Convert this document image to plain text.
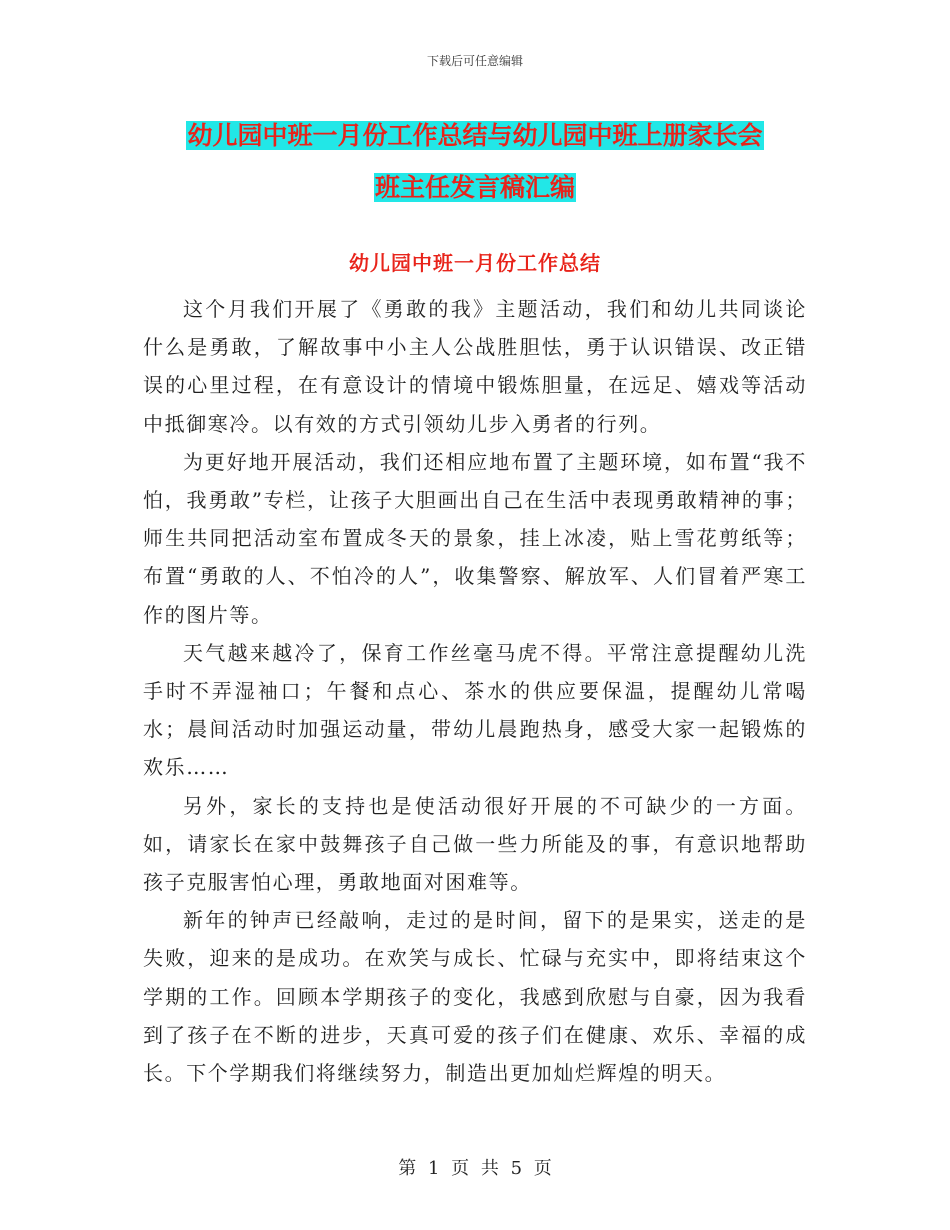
下载后可任意编辑
幼儿园中班一月份工作总结与幼儿园中班上册家长会
班主任发言稿汇编
幼儿园中班一月份工作总结

这个月我们开展了《勇敢的我》主题活动，我们和幼儿共同谈论什么是勇敢，了解故事中小主人公战胜胆怯，勇于认识错误、改正错误的心里过程，在有意设计的情境中锻炼胆量，在远足、嬉戏等活动中抵御寒冷。以有效的方式引领幼儿步入勇者的行列。

为更好地开展活动，我们还相应地布置了主题环境，如布置“我不怕，我勇敢”专栏，让孩子大胆画出自己在生活中表现勇敢精神的事；师生共同把活动室布置成冬天的景象，挂上冰凌，贴上雪花剪纸等；布置“勇敢的人、不怕冷的人”，收集警察、解放军、人们冒着严寒工作的图片等。

天气越来越冷了，保育工作丝毫马虎不得。平常注意提醒幼儿洗手时不弄湿袖口；午餐和点心、茶水的供应要保温，提醒幼儿常喝水；晨间活动时加强运动量，带幼儿晨跑热身，感受大家一起锻炼的欢乐……

另外，家长的支持也是使活动很好开展的不可缺少的一方面。如，请家长在家中鼓舞孩子自己做一些力所能及的事，有意识地帮助孩子克服害怕心理，勇敢地面对困难等。

新年的钟声已经敲响，走过的是时间，留下的是果实，送走的是失败，迎来的是成功。在欢笑与成长、忙碌与充实中，即将结束这个学期的工作。回顾本学期孩子的变化，我感到欣慰与自豪，因为我看到了孩子在不断的进步，天真可爱的孩子们在健康、欢乐、幸福的成长。下个学期我们将继续努力，制造出更加灿烂辉煌的明天。

第 1 页 共 5 页
